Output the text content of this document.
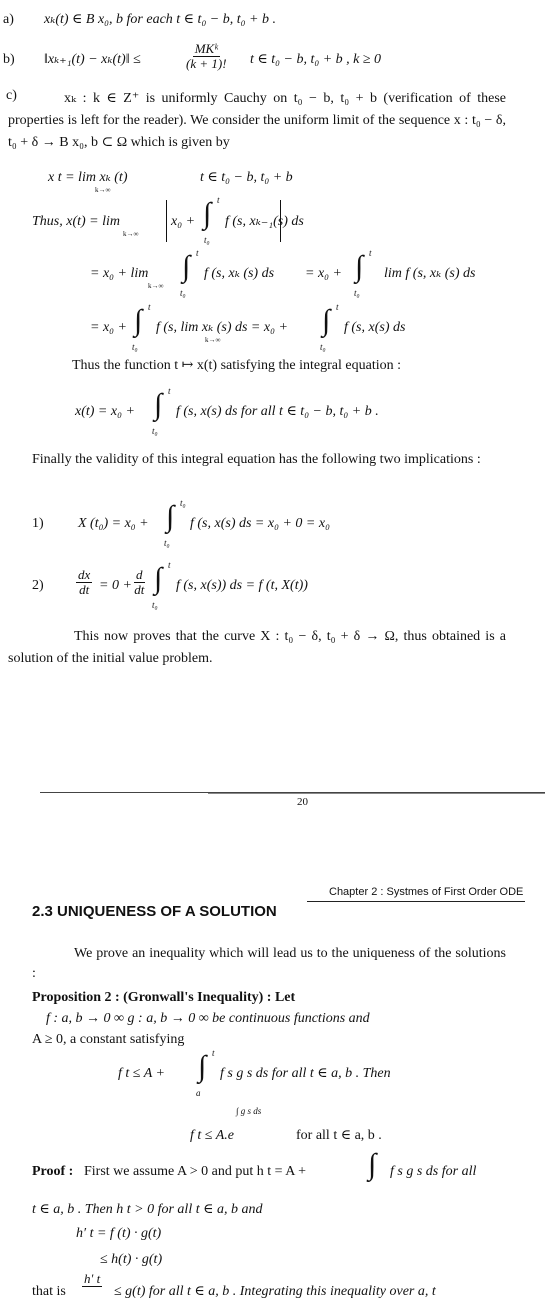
a) xₖ(t) ∈ B x₀, b for each t ∈ t₀ − b, t₀ + b .
b) ‖xₖ₊₁(t) − xₖ(t)‖ ≤
MKᵏ
(k + 1)! t ∈ t₀ − b, t₀ + b , k ≥ 0
c)	xₖ : k ∈ Z⁺ is uniformly Cauchy on t₀ − b, t₀ + b (verification of these properties is left for the reader). We consider the uniform limit of the sequence x : t₀ − δ, t₀ + δ → B x₀, b ⊂ Ω which is given by
x t = lim xₖ (t)
k→∞
t ∈ t₀ − b, t₀ + b
Thus, x(t) = lim
k→∞
x₀ + ∫ t
t₀
f (s, xₖ₋₁(s) ds
= x₀ + lim
k→∞
∫ t
t₀
f (s, xₖ (s) ds = x₀ + ∫ t
t₀
lim f (s, xₖ (s) ds
= x₀ + ∫ t
t₀
f (s, lim xₖ (s) ds = x₀ +
k→∞
∫ t
t₀
f (s, x(s) ds
Thus the function t ↦ x(t) satisfying the integral equation :
x(t) = x₀ + ∫ t
t₀
f (s, x(s) ds for all t ∈ t₀ − b, t₀ + b .
Finally the validity of this integral equation has the following two implications :
1) X (t₀) = x₀ + ∫ t₀
t₀
f (s, x(s) ds = x₀ + 0 = x₀
$2) \frac{dx}{dt} = 0 + \frac{d}{dt}$ ∫ t
t₀
f (s, x(s)) ds = f (t, X(t))
This now proves that the curve X : t₀ − δ, t₀ + δ → Ω, thus obtained is a solution of the initial value problem.
20
Chapter 2 : Systmes of First Order ODE
2.3 UNIQUENESS OF A SOLUTION
We prove an inequality which will lead us to the uniqueness of the solutions :
Proposition 2 : (Gronwall's Inequality) : Let
f : a, b → 0 ∞ g : a, b → 0 ∞ be continuous functions and
A ≥ 0, a constant satisfying
f t ≤ A + ∫ t
a
f s g s ds for all t ∈ a, b . Then
f t ≤ A.e
∫ g s ds
for all t ∈ a, b .
Proof : First we assume A > 0 and put h t = A + ∫ f s g s ds for all
t ∈ a, b . Then h t > 0 for all t ∈ a, b and
h′ t = f (t) · g(t)
≤ h(t) · g(t)
that is
h′ t
≤ g(t) for all t ∈ a, b . Integrating this inequality over a, t
